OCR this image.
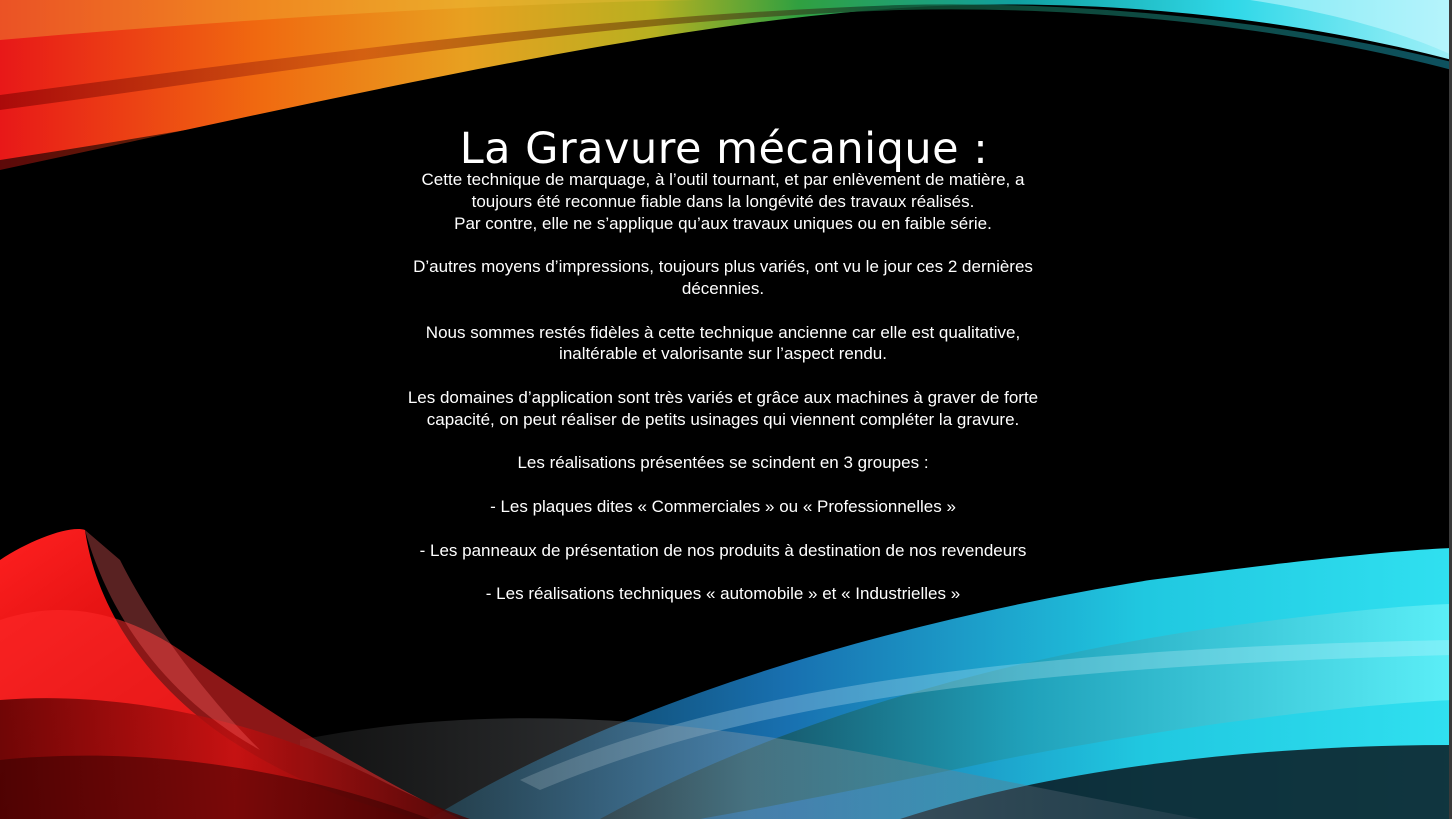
La Gravure mécanique :

Cette technique de marquage, à l’outil tournant, et par enlèvement de matière, a
toujours été reconnue fiable dans la longévité des travaux réalisés.
Par contre, elle ne s’applique qu’aux travaux uniques ou en faible série.

D’autres moyens d’impressions, toujours plus variés, ont vu le jour ces 2 dernières
décennies.

Nous sommes restés fidèles à cette technique ancienne car elle est qualitative,
inaltérable et valorisante sur l’aspect rendu.

Les domaines d’application sont très variés et grâce aux machines à graver de forte
capacité, on peut réaliser de petits usinages qui viennent compléter la gravure.

Les réalisations présentées se scindent en 3 groupes :

- Les plaques dites « Commerciales » ou « Professionnelles »

- Les panneaux de présentation de nos produits à destination de nos revendeurs

- Les réalisations techniques « automobile » et « Industrielles »
